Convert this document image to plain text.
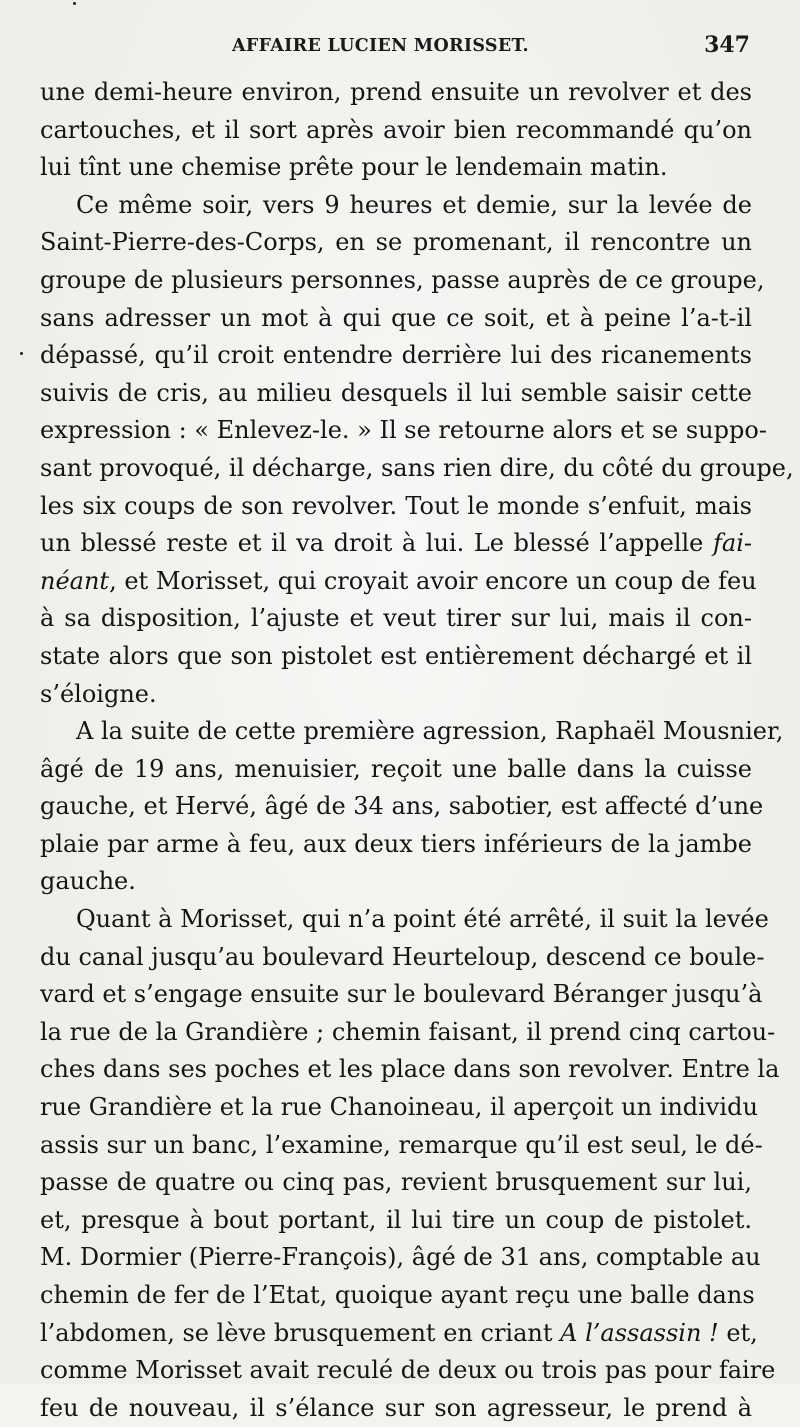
AFFAIRE LUCIEN MORISSET.	347
une demi-heure environ, prend ensuite un revolver et des
cartouches, et il sort après avoir bien recommandé qu’on
lui tînt une chemise prête pour le lendemain matin.
Ce même soir, vers 9 heures et demie, sur la levée de
Saint-Pierre-des-Corps, en se promenant, il rencontre un
groupe de plusieurs personnes, passe auprès de ce groupe,
sans adresser un mot à qui que ce soit, et à peine l’a-t-il
dépassé, qu’il croit entendre derrière lui des ricanements
suivis de cris, au milieu desquels il lui semble saisir cette
expression : « Enlevez-le. » Il se retourne alors et se suppo-
sant provoqué, il décharge, sans rien dire, du côté du groupe,
les six coups de son revolver. Tout le monde s’enfuit, mais
un blessé reste et il va droit à lui. Le blessé l’appelle fai-
néant, et Morisset, qui croyait avoir encore un coup de feu
à sa disposition, l’ajuste et veut tirer sur lui, mais il con-
state alors que son pistolet est entièrement déchargé et il
s’éloigne.
A la suite de cette première agression, Raphaël Mousnier,
âgé de 19 ans, menuisier, reçoit une balle dans la cuisse
gauche, et Hervé, âgé de 34 ans, sabotier, est affecté d’une
plaie par arme à feu, aux deux tiers inférieurs de la jambe
gauche.
Quant à Morisset, qui n’a point été arrêté, il suit la levée
du canal jusqu’au boulevard Heurteloup, descend ce boule-
vard et s’engage ensuite sur le boulevard Béranger jusqu’à
la rue de la Grandière ; chemin faisant, il prend cinq cartou-
ches dans ses poches et les place dans son revolver. Entre la
rue Grandière et la rue Chanoineau, il aperçoit un individu
assis sur un banc, l’examine, remarque qu’il est seul, le dé-
passe de quatre ou cinq pas, revient brusquement sur lui,
et, presque à bout portant, il lui tire un coup de pistolet.
M. Dormier (Pierre-François), âgé de 31 ans, comptable au
chemin de fer de l’Etat, quoique ayant reçu une balle dans
l’abdomen, se lève brusquement en criant A l’assassin ! et,
comme Morisset avait reculé de deux ou trois pas pour faire
feu de nouveau, il s’élance sur son agresseur, le prend à
